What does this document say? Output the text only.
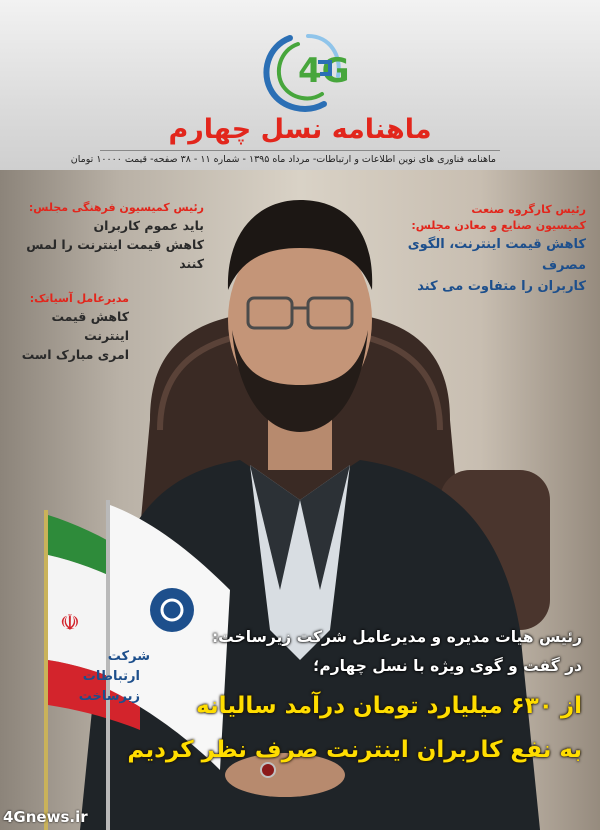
4G
ماهنامه نسل چهارم
ماهنامه فناوری های نوین اطلاعات و ارتباطات- مرداد ماه ۱۳۹۵ - شماره ۱۱ - ۳۸ صفحه- قیمت ۱۰۰۰۰ تومان
☫
شرکت
ارتباطات
زیرساخت
رئیس کمیسیون فرهنگی مجلس:
باید عموم کاربران
کاهش قیمت اینترنت را لمس کنند
مدیرعامل آسیاتک:
کاهش قیمت اینترنت
امری مبارک است
رئیس کارگروه صنعت
کمیسیون صنایع و معادن مجلس:
کاهش قیمت اینترنت، الگوی مصرف
کاربران را متفاوت می کند
رئیس هیات مدیره و مدیرعامل شرکت زیرساخت:
در گفت و گوی ویژه با نسل چهارم؛
از ۶۳۰ میلیارد تومان درآمد سالیانه
به نفع کاربران اینترنت صرف نظر کردیم
4Gnews.ir
